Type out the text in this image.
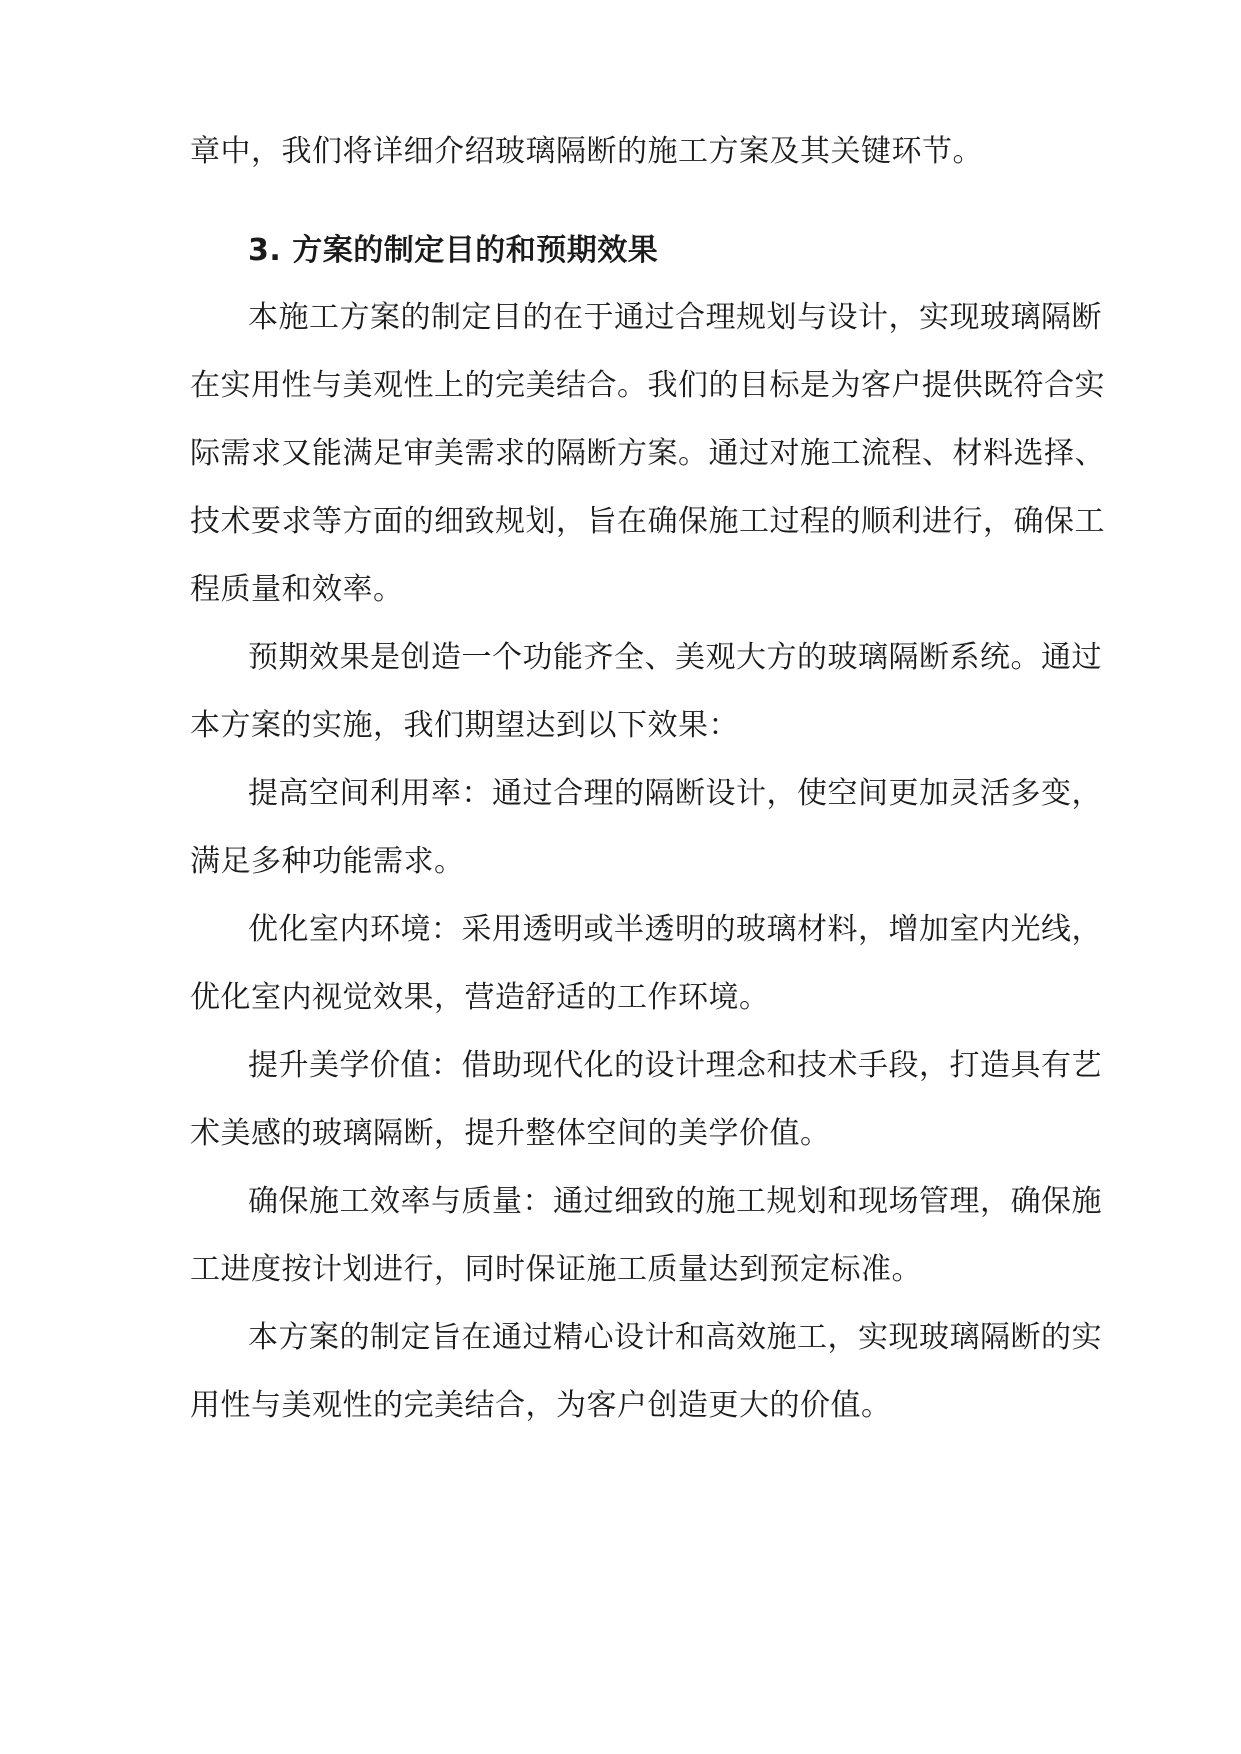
章中，我们将详细介绍玻璃隔断的施工方案及其关键环节。
3. 方案的制定目的和预期效果
本施工方案的制定目的在于通过合理规划与设计，实现玻璃隔断
在实用性与美观性上的完美结合。我们的目标是为客户提供既符合实
际需求又能满足审美需求的隔断方案。通过对施工流程、材料选择、
技术要求等方面的细致规划，旨在确保施工过程的顺利进行，确保工
程质量和效率。
预期效果是创造一个功能齐全、美观大方的玻璃隔断系统。通过
本方案的实施，我们期望达到以下效果：
提高空间利用率：通过合理的隔断设计，使空间更加灵活多变，
满足多种功能需求。
优化室内环境：采用透明或半透明的玻璃材料，增加室内光线，
优化室内视觉效果，营造舒适的工作环境。
提升美学价值：借助现代化的设计理念和技术手段，打造具有艺
术美感的玻璃隔断，提升整体空间的美学价值。
确保施工效率与质量：通过细致的施工规划和现场管理，确保施
工进度按计划进行，同时保证施工质量达到预定标准。
本方案的制定旨在通过精心设计和高效施工，实现玻璃隔断的实
用性与美观性的完美结合，为客户创造更大的价值。
